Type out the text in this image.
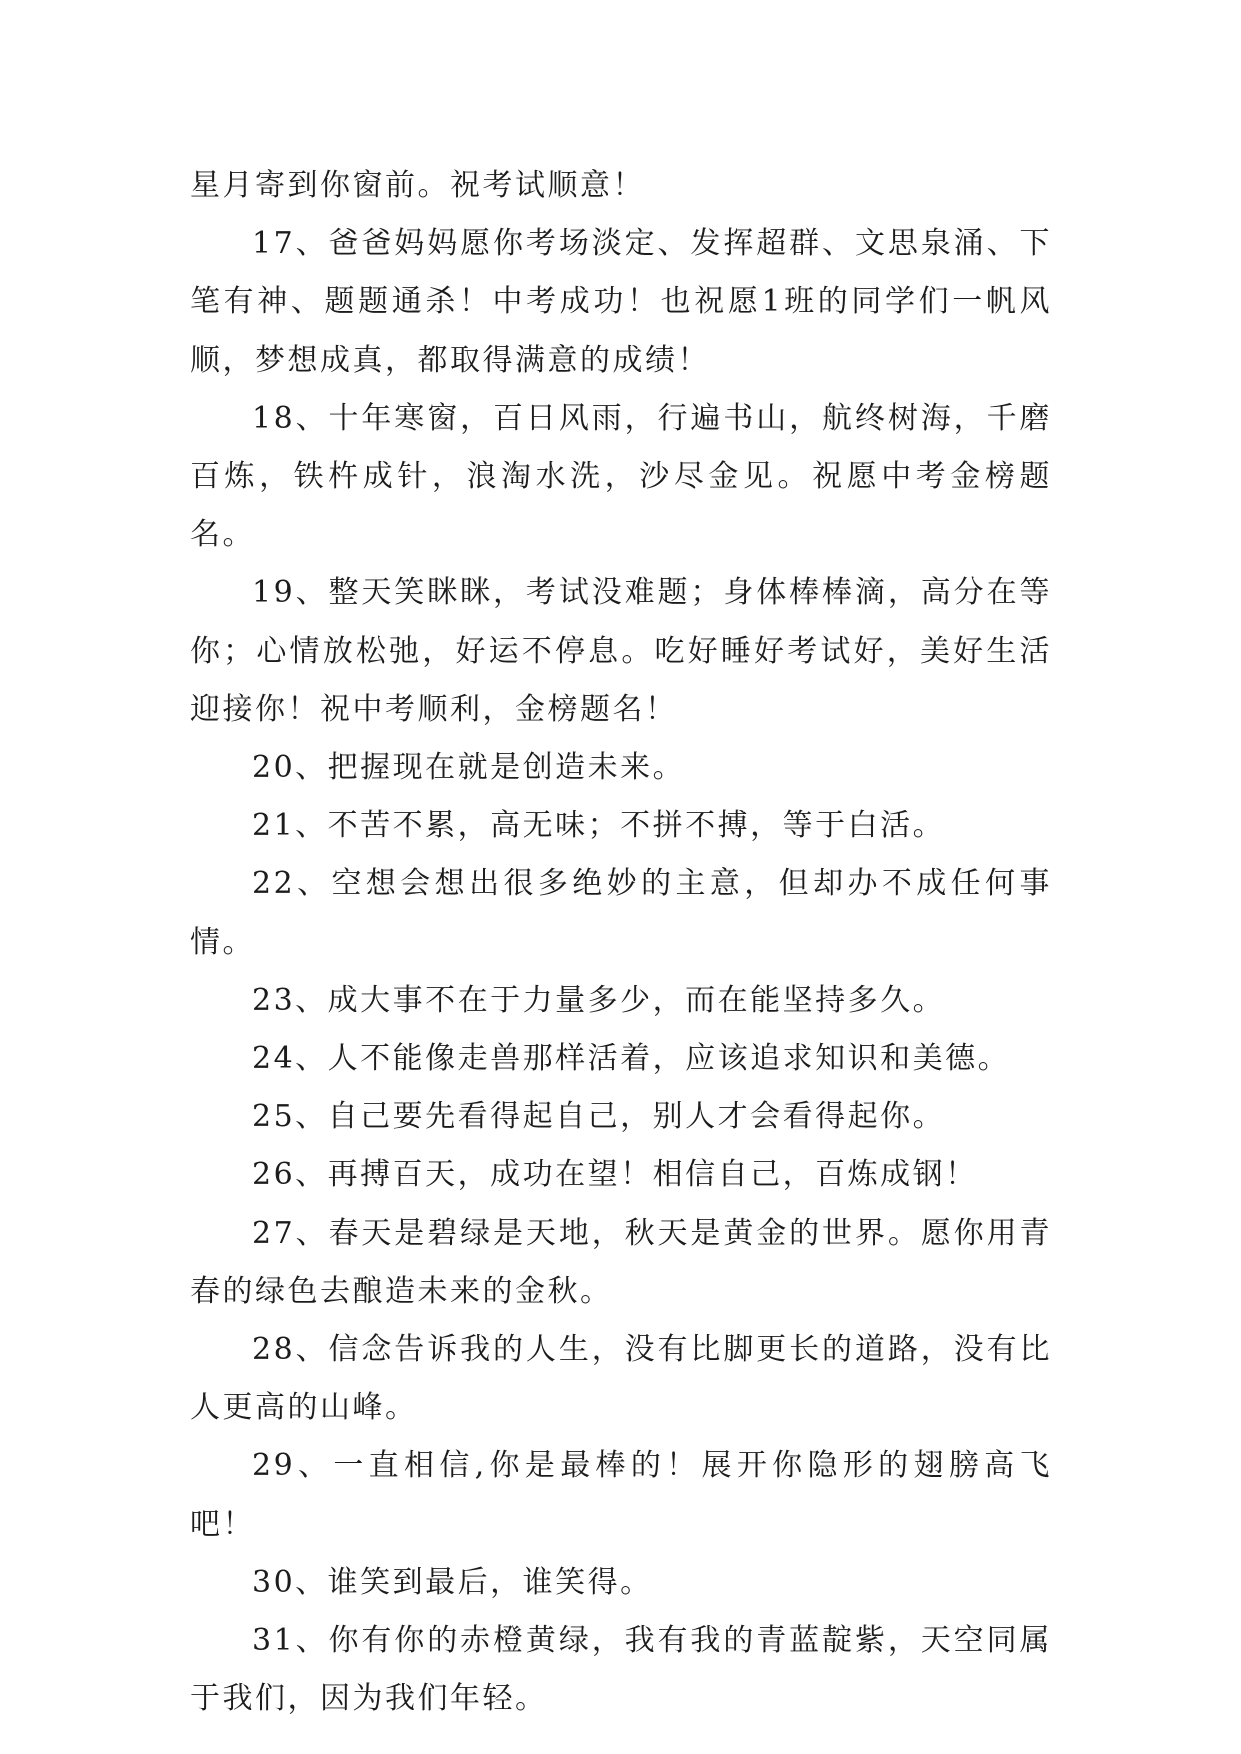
星月寄到你窗前。祝考试顺意！

17、爸爸妈妈愿你考场淡定、发挥超群、文思泉涌、下笔有神、题题通杀！中考成功！也祝愿1班的同学们一帆风顺，梦想成真，都取得满意的成绩！

18、十年寒窗，百日风雨，行遍书山，航终树海，千磨百炼，铁杵成针，浪淘水洗，沙尽金见。祝愿中考金榜题名。

19、整天笑眯眯，考试没难题；身体棒棒滴，高分在等你；心情放松弛，好运不停息。吃好睡好考试好，美好生活迎接你！祝中考顺利，金榜题名！

20、把握现在就是创造未来。

21、不苦不累，高无味；不拼不搏，等于白活。

22、空想会想出很多绝妙的主意，但却办不成任何事情。

23、成大事不在于力量多少，而在能坚持多久。

24、人不能像走兽那样活着，应该追求知识和美德。

25、自己要先看得起自己，别人才会看得起你。

26、再搏百天，成功在望！相信自己，百炼成钢！

27、春天是碧绿是天地，秋天是黄金的世界。愿你用青春的绿色去酿造未来的金秋。

28、信念告诉我的人生，没有比脚更长的道路，没有比人更高的山峰。

29、一直相信,你是最棒的！展开你隐形的翅膀高飞吧！

30、谁笑到最后，谁笑得。

31、你有你的赤橙黄绿，我有我的青蓝靛紫，天空同属于我们，因为我们年轻。
